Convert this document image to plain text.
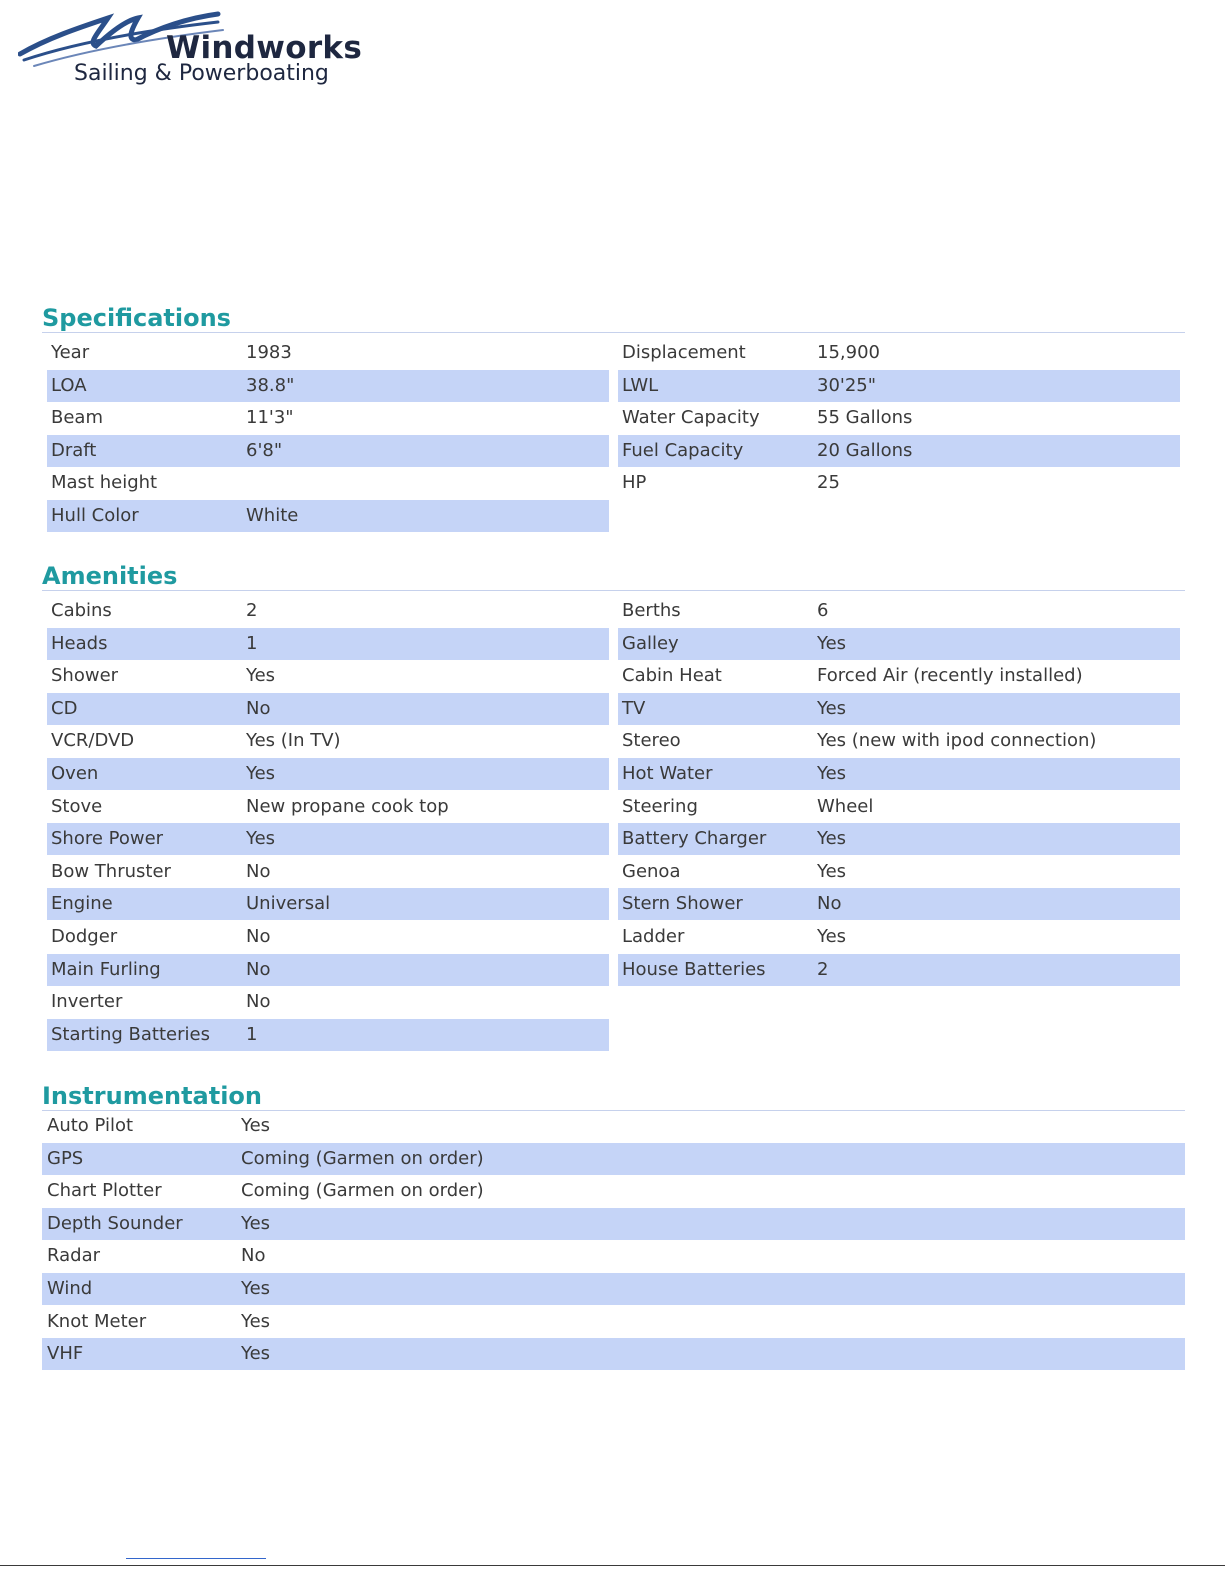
Windworks
Sailing & Powerboating
Specifications
Year	1983
LOA	38.8"
Beam	11'3"
Draft	6'8"
Mast height
Hull Color	White
Displacement	15,900
LWL	30'25"
Water Capacity	55 Gallons
Fuel Capacity	20 Gallons
HP	25
Amenities
Cabins	2
Heads	1
Shower	Yes
CD	No
VCR/DVD	Yes (In TV)
Oven	Yes
Stove	New propane cook top
Shore Power	Yes
Bow Thruster	No
Engine	Universal
Dodger	No
Main Furling	No
Inverter	No
Starting Batteries 1
Berths	6
Galley	Yes
Cabin Heat	Forced Air (recently installed)
TV	Yes
Stereo	Yes (new with ipod connection)
Hot Water	Yes
Steering	Wheel
Battery Charger	Yes
Genoa	Yes
Stern Shower	No
Ladder	Yes
House Batteries	2
Instrumentation
Auto Pilot	Yes
GPS	Coming (Garmen on order)
Chart Plotter	Coming (Garmen on order)
Depth Sounder	Yes
Radar	No
Wind	Yes
Knot Meter	Yes
VHF	Yes
